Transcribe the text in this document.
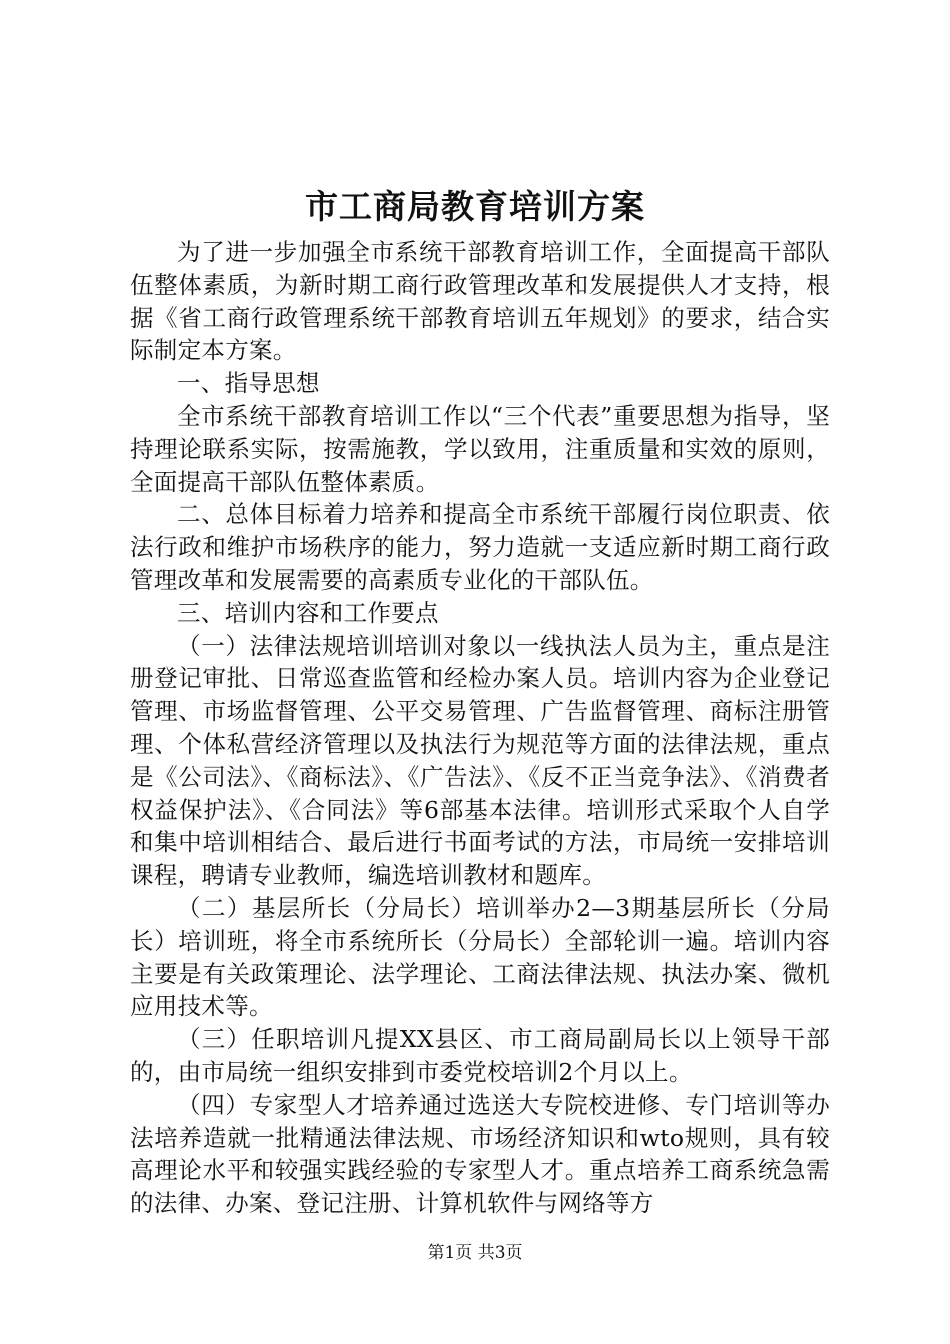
市工商局教育培训方案

为了进一步加强全市系统干部教育培训工作，全面提高干部队伍整体素质，为新时期工商行政管理改革和发展提供人才支持，根据《省工商行政管理系统干部教育培训五年规划》的要求，结合实际制定本方案。

一、指导思想

全市系统干部教育培训工作以“三个代表”重要思想为指导，坚持理论联系实际，按需施教，学以致用，注重质量和实效的原则，全面提高干部队伍整体素质。

二、总体目标着力培养和提高全市系统干部履行岗位职责、依法行政和维护市场秩序的能力，努力造就一支适应新时期工商行政管理改革和发展需要的高素质专业化的干部队伍。

三、培训内容和工作要点

（一）法律法规培训培训对象以一线执法人员为主，重点是注册登记审批、日常巡查监管和经检办案人员。培训内容为企业登记管理、市场监督管理、公平交易管理、广告监督管理、商标注册管理、个体私营经济管理以及执法行为规范等方面的法律法规，重点是《公司法》、《商标法》、《广告法》、《反不正当竞争法》、《消费者权益保护法》、《合同法》等6部基本法律。培训形式采取个人自学和集中培训相结合、最后进行书面考试的方法，市局统一安排培训课程，聘请专业教师，编选培训教材和题库。

（二）基层所长（分局长）培训举办2—3期基层所长（分局长）培训班，将全市系统所长（分局长）全部轮训一遍。培训内容主要是有关政策理论、法学理论、工商法律法规、执法办案、微机应用技术等。

（三）任职培训凡提XX县区、市工商局副局长以上领导干部的，由市局统一组织安排到市委党校培训2个月以上。

（四）专家型人才培养通过选送大专院校进修、专门培训等办法培养造就一批精通法律法规、市场经济知识和wto规则，具有较高理论水平和较强实践经验的专家型人才。重点培养工商系统急需的法律、办案、登记注册、计算机软件与网络等方

第1页 共3页
